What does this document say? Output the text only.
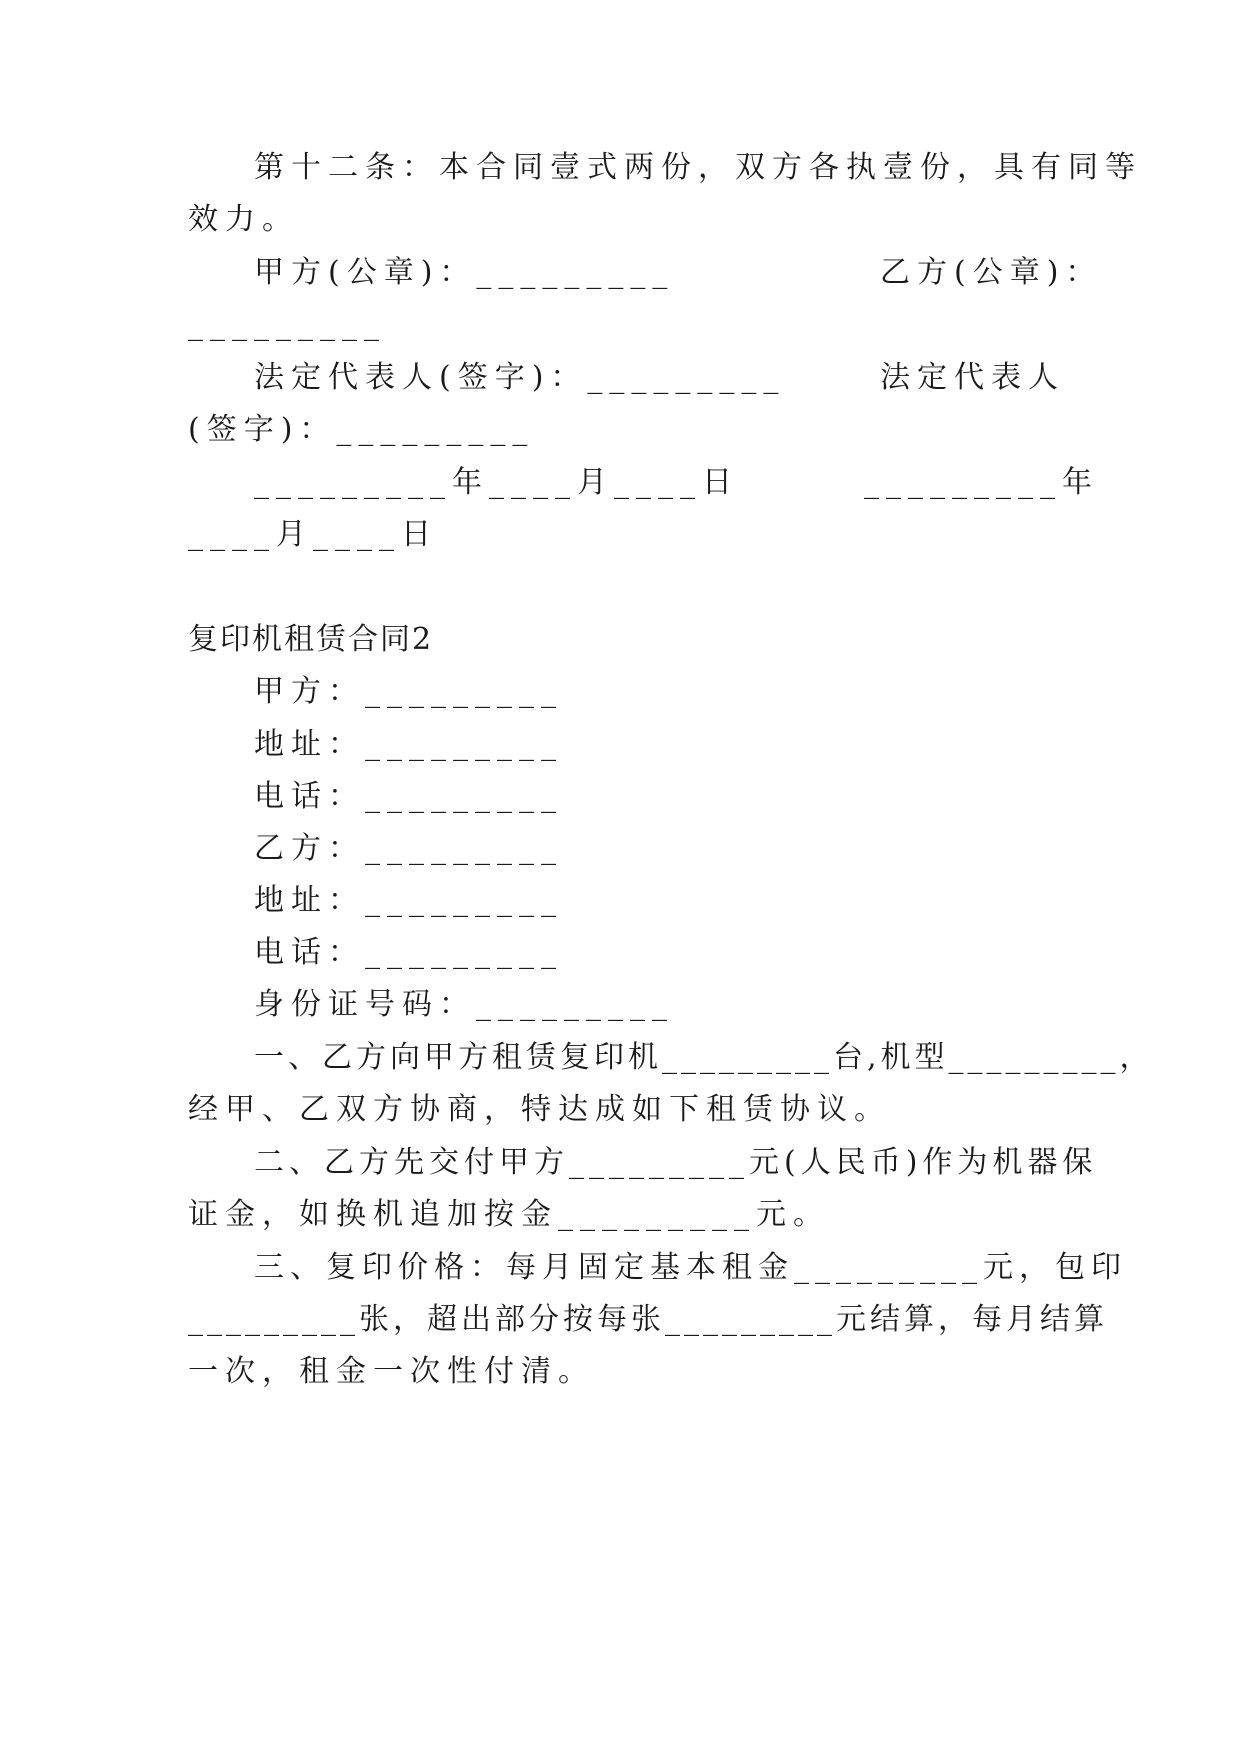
第十二条：本合同壹式两份，双方各执壹份，具有同等

效力。

甲方(公章)：_________	乙方(公章)：

_________

法定代表人(签字)：_________	法定代表人

(签字)：_________

_________年____月____日	_________年

____月____日

复印机租赁合同2

甲方：_________

地址：_________

电话：_________

乙方：_________

地址：_________

电话：_________

身份证号码：_________

一、乙方向甲方租赁复印机_________台,机型_________，

经甲、乙双方协商，特达成如下租赁协议。

二、乙方先交付甲方_________元(人民币)作为机器保

证金，如换机追加按金_________元。

三、复印价格：每月固定基本租金_________元，包印

_________张，超出部分按每张_________元结算，每月结算

一次，租金一次性付清。
